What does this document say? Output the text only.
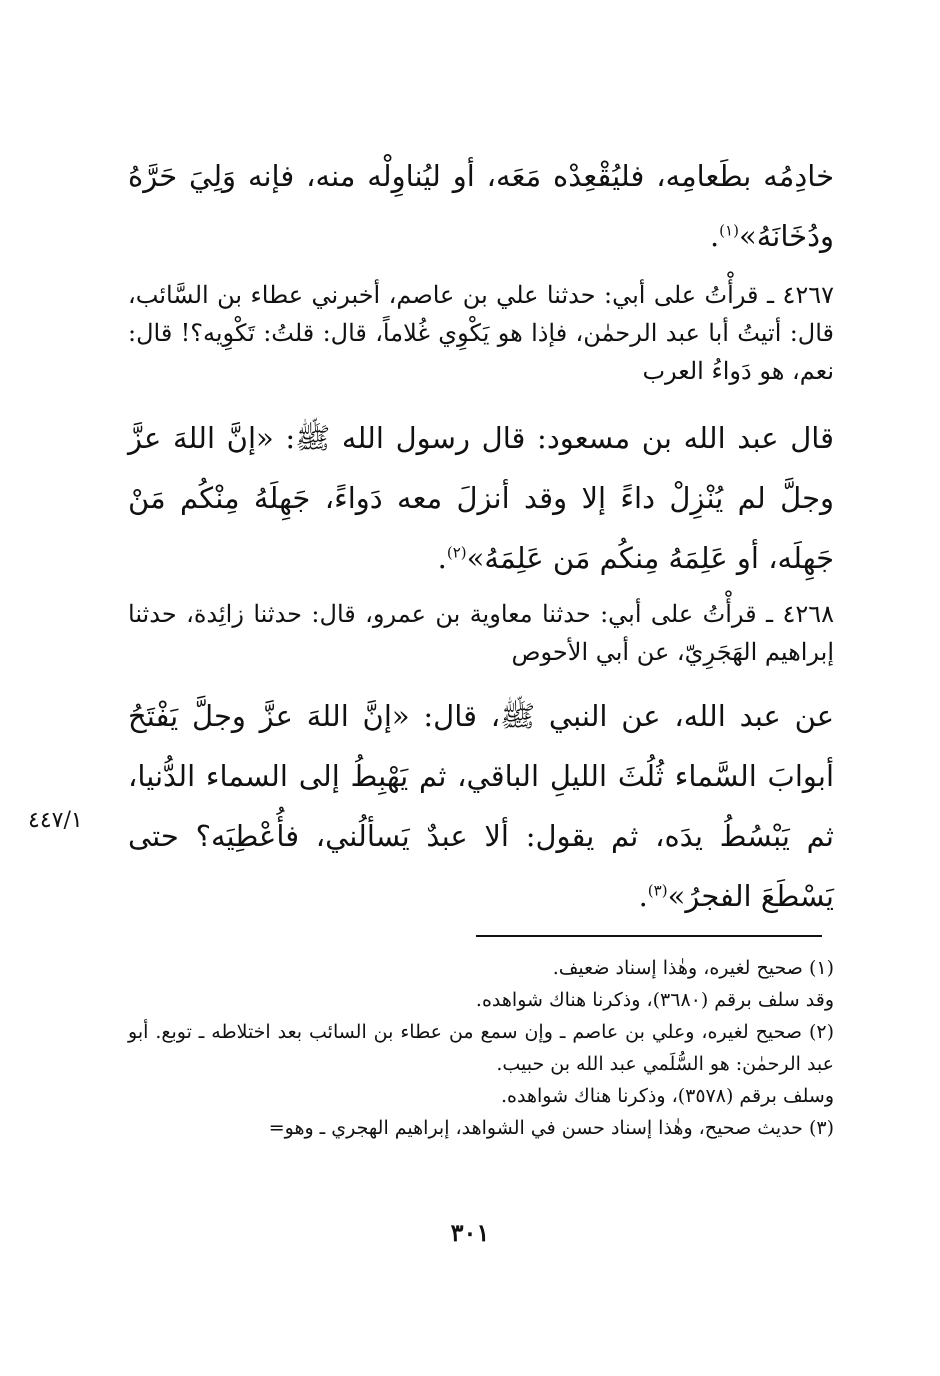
خادِمُه بطَعامِه، فليُقْعِدْه مَعَه، أو ليُناوِلْه منه، فإنه وَلِيَ حَرَّهُ ودُخَانَهُ»$^{(١)}$.

٤٢٦٧ ـ قرأْتُ على أبي: حدثنا علي بن عاصم، أخبرني عطاء بن السَّائب، قال: أتيتُ أبا عبد الرحمٰن، فإذا هو يَكْوِي غُلاماً، قال: قلتُ: تَكْوِيه؟! قال: نعم، هو دَواءُ العرب

قال عبد الله بن مسعود: قال رسول الله ﷺ: «إنَّ اللهَ عزَّ وجلَّ لم يُنْزِلْ داءً إلا وقد أنزلَ معه دَواءً، جَهِلَهُ مِنْكُم مَنْ جَهِلَه، أو عَلِمَهُ مِنكُم مَن عَلِمَهُ»$^{(٢)}$.

٤٢٦٨ ـ قرأْتُ على أبي: حدثنا معاوية بن عمرو، قال: حدثنا زائِدة، حدثنا إبراهيم الهَجَرِيّ، عن أبي الأحوص

عن عبد الله، عن النبي ﷺ، قال: «إنَّ اللهَ عزَّ وجلَّ يَفْتَحُ أبوابَ السَّماء ثُلُثَ الليلِ الباقي، ثم يَهْبِطُ إلى السماء الدُّنيا، ثم يَبْسُطُ يدَه، ثم يقول: ألا عبدٌ يَسألُني، فأُعْطِيَه؟ حتى يَسْطَعَ الفجرُ»$^{(٣)}$.

٤٤٧/١

(١) صحيح لغيره، وهٰذا إسناد ضعيف.

وقد سلف برقم (٣٦٨٠)، وذكرنا هناك شواهده.

(٢) صحيح لغيره، وعلي بن عاصم ـ وإن سمع من عطاء بن السائب بعد اختلاطه ـ توبع. أبو عبد الرحمٰن: هو السُّلَمي عبد الله بن حبيب.

وسلف برقم (٣٥٧٨)، وذكرنا هناك شواهده.

(٣) حديث صحيح، وهٰذا إسناد حسن في الشواهد، إبراهيم الهجري ـ وهو=

٣٠١
